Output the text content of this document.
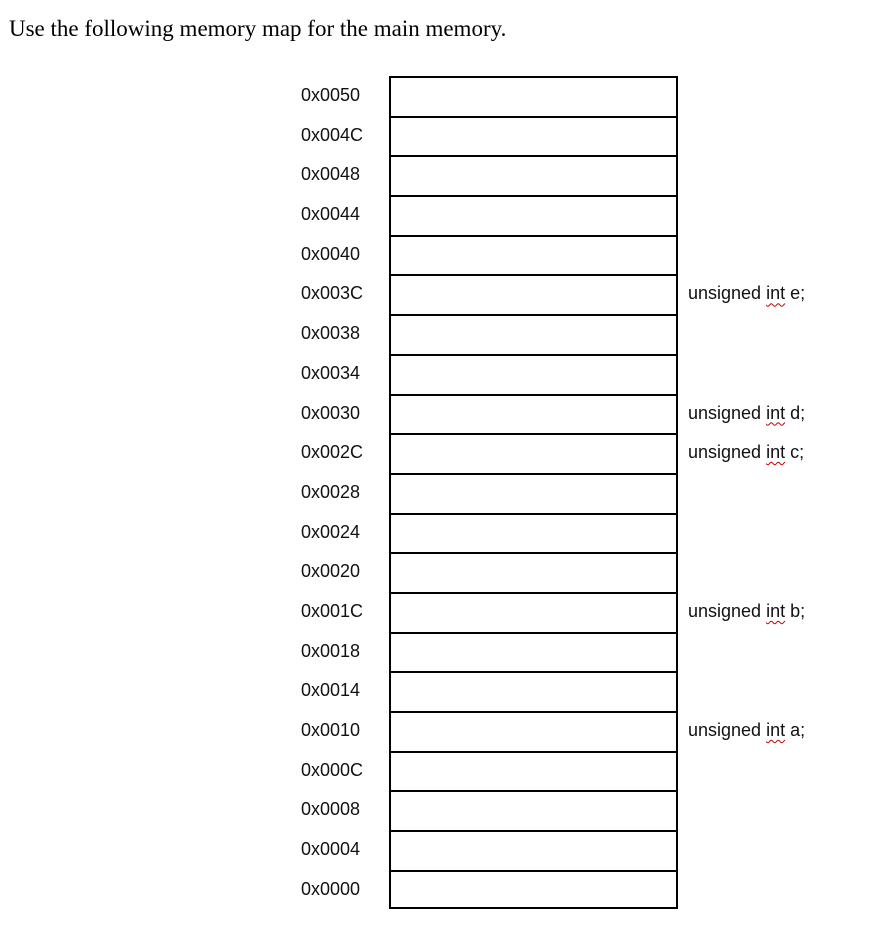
Use the following memory map for the main memory.
0x0050
0x004C
0x0048
0x0044
0x0040
0x003C	unsigned int e;
0x0038
0x0034
0x0030	unsigned int d;
0x002C	unsigned int c;
0x0028
0x0024
0x0020
0x001C	unsigned int b;
0x0018
0x0014
0x0010	unsigned int a;
0x000C
0x0008
0x0004
0x0000
